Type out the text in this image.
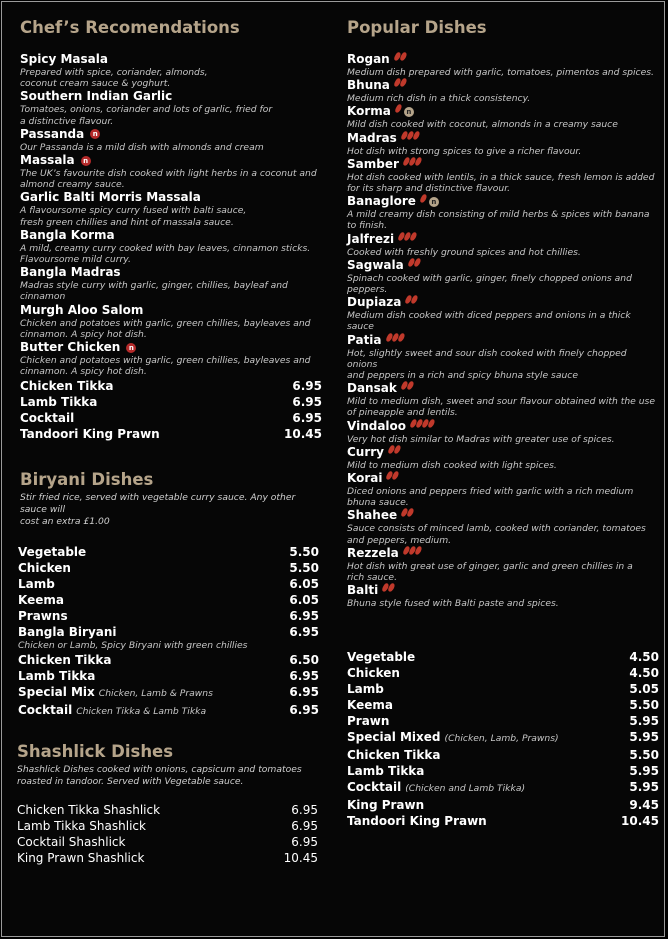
Chef’s Recomendations
Spicy Masala
Prepared with spice, coriander, almonds,
coconut cream sauce & yoghurt.
Southern Indian Garlic
Tomatoes, onions, coriander and lots of garlic, fried for
a distinctive flavour.
Passanda	n
Our Passanda is a mild dish with almonds and cream
Massala	n
The UK’s favourite dish cooked with light herbs in a coconut and
almond creamy sauce.
Garlic Balti Morris Massala
A flavoursome spicy curry fused with balti sauce,
fresh green chillies and hint of massala sauce.
Bangla Korma
A mild, creamy curry cooked with bay leaves, cinnamon sticks.
Flavoursome mild curry.
Bangla Madras
Madras style curry with garlic, ginger, chillies, bayleaf and cinnamon
Murgh Aloo Salom
Chicken and potatoes with garlic, green chillies, bayleaves and
cinnamon. A spicy hot dish.
Butter Chicken	n
Chicken and potatoes with garlic, green chillies, bayleaves and
cinnamon. A spicy hot dish.
Chicken Tikka	6.95
Lamb Tikka	6.95
Cocktail	6.95
Tandoori King Prawn	10.45
Biryani Dishes

Stir fried rice, served with vegetable curry sauce. Any other sauce will
cost an extra £1.00

Vegetable	5.50
Chicken	5.50
Lamb	6.05
Keema	6.05
Prawns	6.95
Bangla Biryani	6.95
Chicken or Lamb, Spicy Biryani with green chillies
Chicken Tikka	6.50
Lamb Tikka	6.95
Special Mix Chicken, Lamb & Prawns	6.95
Cocktail Chicken Tikka & Lamb Tikka	6.95
Shashlick Dishes

Shashlick Dishes cooked with onions, capsicum and tomatoes
roasted in tandoor. Served with Vegetable sauce.

Chicken Tikka Shashlick	6.95
Lamb Tikka Shashlick	6.95
Cocktail Shashlick	6.95
King Prawn Shashlick	10.45
Popular Dishes
Rogan
Medium dish prepared with garlic, tomatoes, pimentos and spices.
Bhuna
Medium rich dish in a thick consistency.
Korma	n
Mild dish cooked with coconut, almonds in a creamy sauce
Madras
Hot dish with strong spices to give a richer flavour.
Samber
Hot dish cooked with lentils, in a thick sauce, fresh lemon is added
for its sharp and distinctive flavour.
Banaglore	n
A mild creamy dish consisting of mild herbs & spices with banana
to finish.
Jalfrezi
Cooked with freshly ground spices and hot chillies.
Sagwala
Spinach cooked with garlic, ginger, finely chopped onions and peppers.
Dupiaza
Medium dish cooked with diced peppers and onions in a thick sauce
Patia
Hot, slightly sweet and sour dish cooked with finely chopped onions
and peppers in a rich and spicy bhuna style sauce
Dansak
Mild to medium dish, sweet and sour flavour obtained with the use
of pineapple and lentils.
Vindaloo
Very hot dish similar to Madras with greater use of spices.
Curry
Mild to medium dish cooked with light spices.
Korai
Diced onions and peppers fried with garlic with a rich medium
bhuna sauce.
Shahee
Sauce consists of minced lamb, cooked with coriander, tomatoes
and peppers, medium.
Rezzela
Hot dish with great use of ginger, garlic and green chillies in a
rich sauce.
Balti
Bhuna style fused with Balti paste and spices.
Vegetable	4.50
Chicken	4.50
Lamb	5.05
Keema	5.50
Prawn	5.95
Special Mixed (Chicken, Lamb, Prawns)	5.95
Chicken Tikka	5.50
Lamb Tikka	5.95
Cocktail (Chicken and Lamb Tikka)	5.95
King Prawn	9.45
Tandoori King Prawn	10.45
